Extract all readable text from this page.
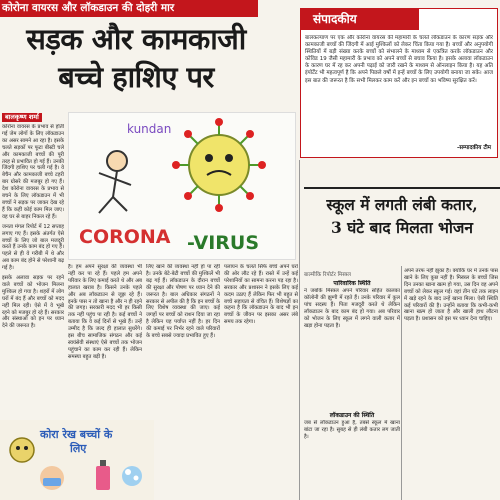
कोरोना वायरस और लॉकडाउन की दोहरी मार
सड़क और कामकाजी
बच्चे हाशिए पर
बालकृष्ण शर्मा

कोरोना वायरस के प्रभाव से होती गई जेम लोगों के लिए लॉकडाउन का असर सामने आ रहा है। इसके चलते सड़कों पर फूटा बीस्टी चले और कामकाजी बच्चों की पूरी तरह से प्रभावित हो गई हैं। उनकी जिंदगी हाशिए पर चली गई है। वे बेचैन और कामकाजी बच्चे टहरी बार ग्रोसरे की मजबूर हो गए हैं। देश कोरोना वायरस के प्रभाव से बचने के लिए लॉकडाउन में भी बच्चों ने सड़क पर जाकर देख रहे हैं कि कहीं कोई काम मिल जाए। वह घर से बाहर निकल रहे हैं।

जनता मंगल रिपोर्ट में 12 सप्ताह लगाए गए हैं। इसके अंतर्गत ऐसे बच्चों के लिए जो बाल मजदूरी करते हैं उनके काम बंद हो गए हैं। पहले से ही वे गरीबी में थे और अब काम बंद होने से परेशानी बढ़ गई है।

इसके अलावा सड़क पर रहने वाले बच्चों को भोजन मिलना मुश्किल हो गया है। शहरों में लोग घरों में बंद हैं और बच्चों को मदद नहीं मिल रही। ऐसे में वे भूखे रहने को मजबूर हो रहे हैं। सरकार और संस्थाओं को इन पर ध्यान देने की जरूरत है।

kundan
CORONA -VIRUS
हैं। हम अपने सुरक्षा की व्यवस्था भी नहीं कर पा रहे हैं। पहले हम अपने परिवार के लिए कमाई करते थे और अब हालात खराब है। किसने उनके पहले और अब लॉकडाउन से जूझ रहे हैं। इनके पास न तो खाना है और न ही रहने की जगह। सरकारी मदद भी हर किसी तक नहीं पहुंच पा रही है। कई बच्चों ने बताया कि वे कई दिनों से भूखे हैं। उन्हें उम्मीद है कि जल्द ही हालात सुधरेंगे। इस बीच सामाजिक संगठन और कई स्वयंसेवी संस्थाएं ऐसे बच्चों तक भोजन पहुंचाने का काम कर रही हैं। लेकिन समस्या बहुत बड़ी है।
लिए खाने की व्यवस्था नहीं हो पा रही है। उनके बेटे-बेटी बच्चों की मुश्किलें भी बढ़ गई हैं। लॉकडाउन के दौरान बच्चों की सुरक्षा और पोषण पर ध्यान देने की जरूरत है। बाल अधिकार संगठनों ने सरकार से अपील की है कि इन बच्चों के लिए विशेष व्यवस्था की जाए। कई जगहों पर बच्चों को राशन दिया जा रहा है लेकिन यह पर्याप्त नहीं है। हर दिन की कमाई पर निर्भर रहने वाले परिवारों के बच्चे सबसे ज्यादा प्रभावित हुए हैं।
पलायन के चलते सिर्फ बच्चे अपने घरों की ओर लौट रहे हैं। रास्ते में उन्हें कई परेशानियों का सामना करना पड़ रहा है। सरकार और प्रशासन ने इसके लिए कई कदम उठाए हैं लेकिन फिर भी बहुत से बच्चे सहायता से वंचित हैं। विशेषज्ञों का कहना है कि लॉकडाउन के बाद भी इन बच्चों के जीवन पर इसका असर लंबे समय तक रहेगा।
कोरा रेख बच्चों के
लिए
संपादकीय
बालकल्याण पर एक और कोरोना वायरस की महामारी के चलते लॉकडाउन के कारण सड़क और कामकाजी बच्चों की जिंदगी में आई मुश्किलों को लेकर चिंता किया गया है। बच्चों और अनुपयोगी स्थितियों में बड़ी संख्या करके बच्चों को संभालने के माध्यम से एकत्रित करके लॉकडाउन और कोविड 19 जैसी महामारी के प्रभाव को अपने बच्चों से बचाव किया है। इसके अलावा लॉकडाउन के कारण घर में रह कर अपनी पढ़ाई को जारी रखने के माध्यम से ऑनलाइन किया है। यह अति इंपोर्टेंट भी महत्वपूर्ण है कि अपने पिछले वर्षों में इन्हें बच्चों के लिए उपयोगी बनाया जा सके। आज इस बात की जरूरत है कि सभी मिलकर काम करें और इन बच्चों का भविष्य सुरक्षित करें।
-सम्पादकीय टीम
स्कूल में लगती लंबी कतार,
3 घंटे बाद मिलता भोजन
बाल्मीकि रिपोर्टर मिस्त्रल
पारिवारिक स्थिति
ने जबकि मिस्त्रल अपने परिवार सहित कालका कॉलोनी की झुग्गी में रहते हैं। उनके परिवार में कुल पांच सदस्य हैं। पिता मजदूरी करते थे लेकिन लॉकडाउन के बाद काम बंद हो गया। अब परिवार को भोजन के लिए स्कूल में लगने वाली कतार में खड़ा होना पड़ता है।
लॉकडाउन की स्थिति
जब से लॉकडाउन हुआ है, तबसे स्कूल में खाना बांटा जा रहा है। सुबह से ही लंबी कतार लग जाती है।
अपने तरफ नहीं झुका है। क्योंकि घर में उनके पास खाने के लिए कुछ नहीं है। मिस्त्रल के बच्चों जिस दिन उनका खाना खत्म हो गया, उस दिन वह अपने बच्चों को लेकर स्कूल गई। वहां तीन घंटे तक लाइन में खड़े रहने के बाद उन्हें खाना मिला। ऐसी स्थिति कई परिवारों की है। उन्होंने बताया कि कभी-कभी खाना खत्म हो जाता है और खाली हाथ लौटना पड़ता है। प्रशासन को इस पर ध्यान देना चाहिए।
